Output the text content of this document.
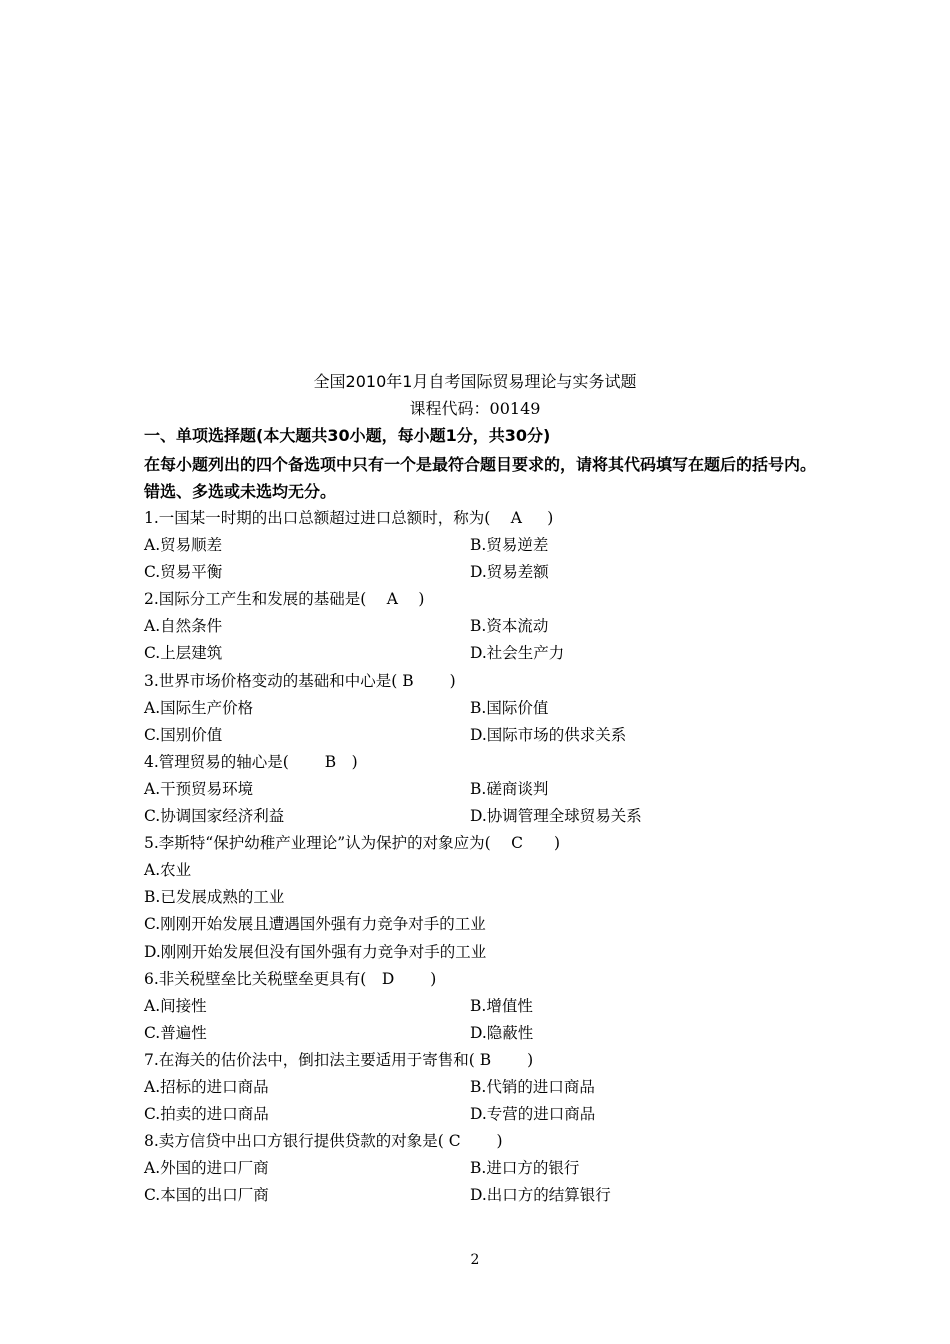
全国2010年1月自考国际贸易理论与实务试题
课程代码：00149
一、单项选择题(本大题共30小题，每小题1分，共30分)
在每小题列出的四个备选项中只有一个是最符合题目要求的，请将其代码填写在题后的括号内。错选、多选或未选均无分。
1.一国某一时期的出口总额超过进口总额时，称为(　 A 　 )
A.贸易顺差	B.贸易逆差
C.贸易平衡	D.贸易差额
2.国际分工产生和发展的基础是(　 A 　)
A.自然条件	B.资本流动
C.上层建筑	D.社会生产力
3.世界市场价格变动的基础和中心是( B 　　)
A.国际生产价格	B.国际价值
C.国别价值	D.国际市场的供求关系
4.管理贸易的轴心是(　　 B　)
A.干预贸易环境	B.磋商谈判
C.协调国家经济利益	D.协调管理全球贸易关系
5.李斯特“保护幼稚产业理论”认为保护的对象应为(　 C　　)
A.农业
B.已发展成熟的工业
C.刚刚开始发展且遭遇国外强有力竞争对手的工业
D.刚刚开始发展但没有国外强有力竞争对手的工业
6.非关税壁垒比关税壁垒更具有(　D 　　)
A.间接性	B.增值性
C.普遍性	D.隐蔽性
7.在海关的估价法中，倒扣法主要适用于寄售和( B 　　)
A.招标的进口商品	B.代销的进口商品
C.拍卖的进口商品	D.专营的进口商品
8.卖方信贷中出口方银行提供贷款的对象是( C 　　)
A.外国的进口厂商	B.进口方的银行
C.本国的出口厂商	D.出口方的结算银行
2
